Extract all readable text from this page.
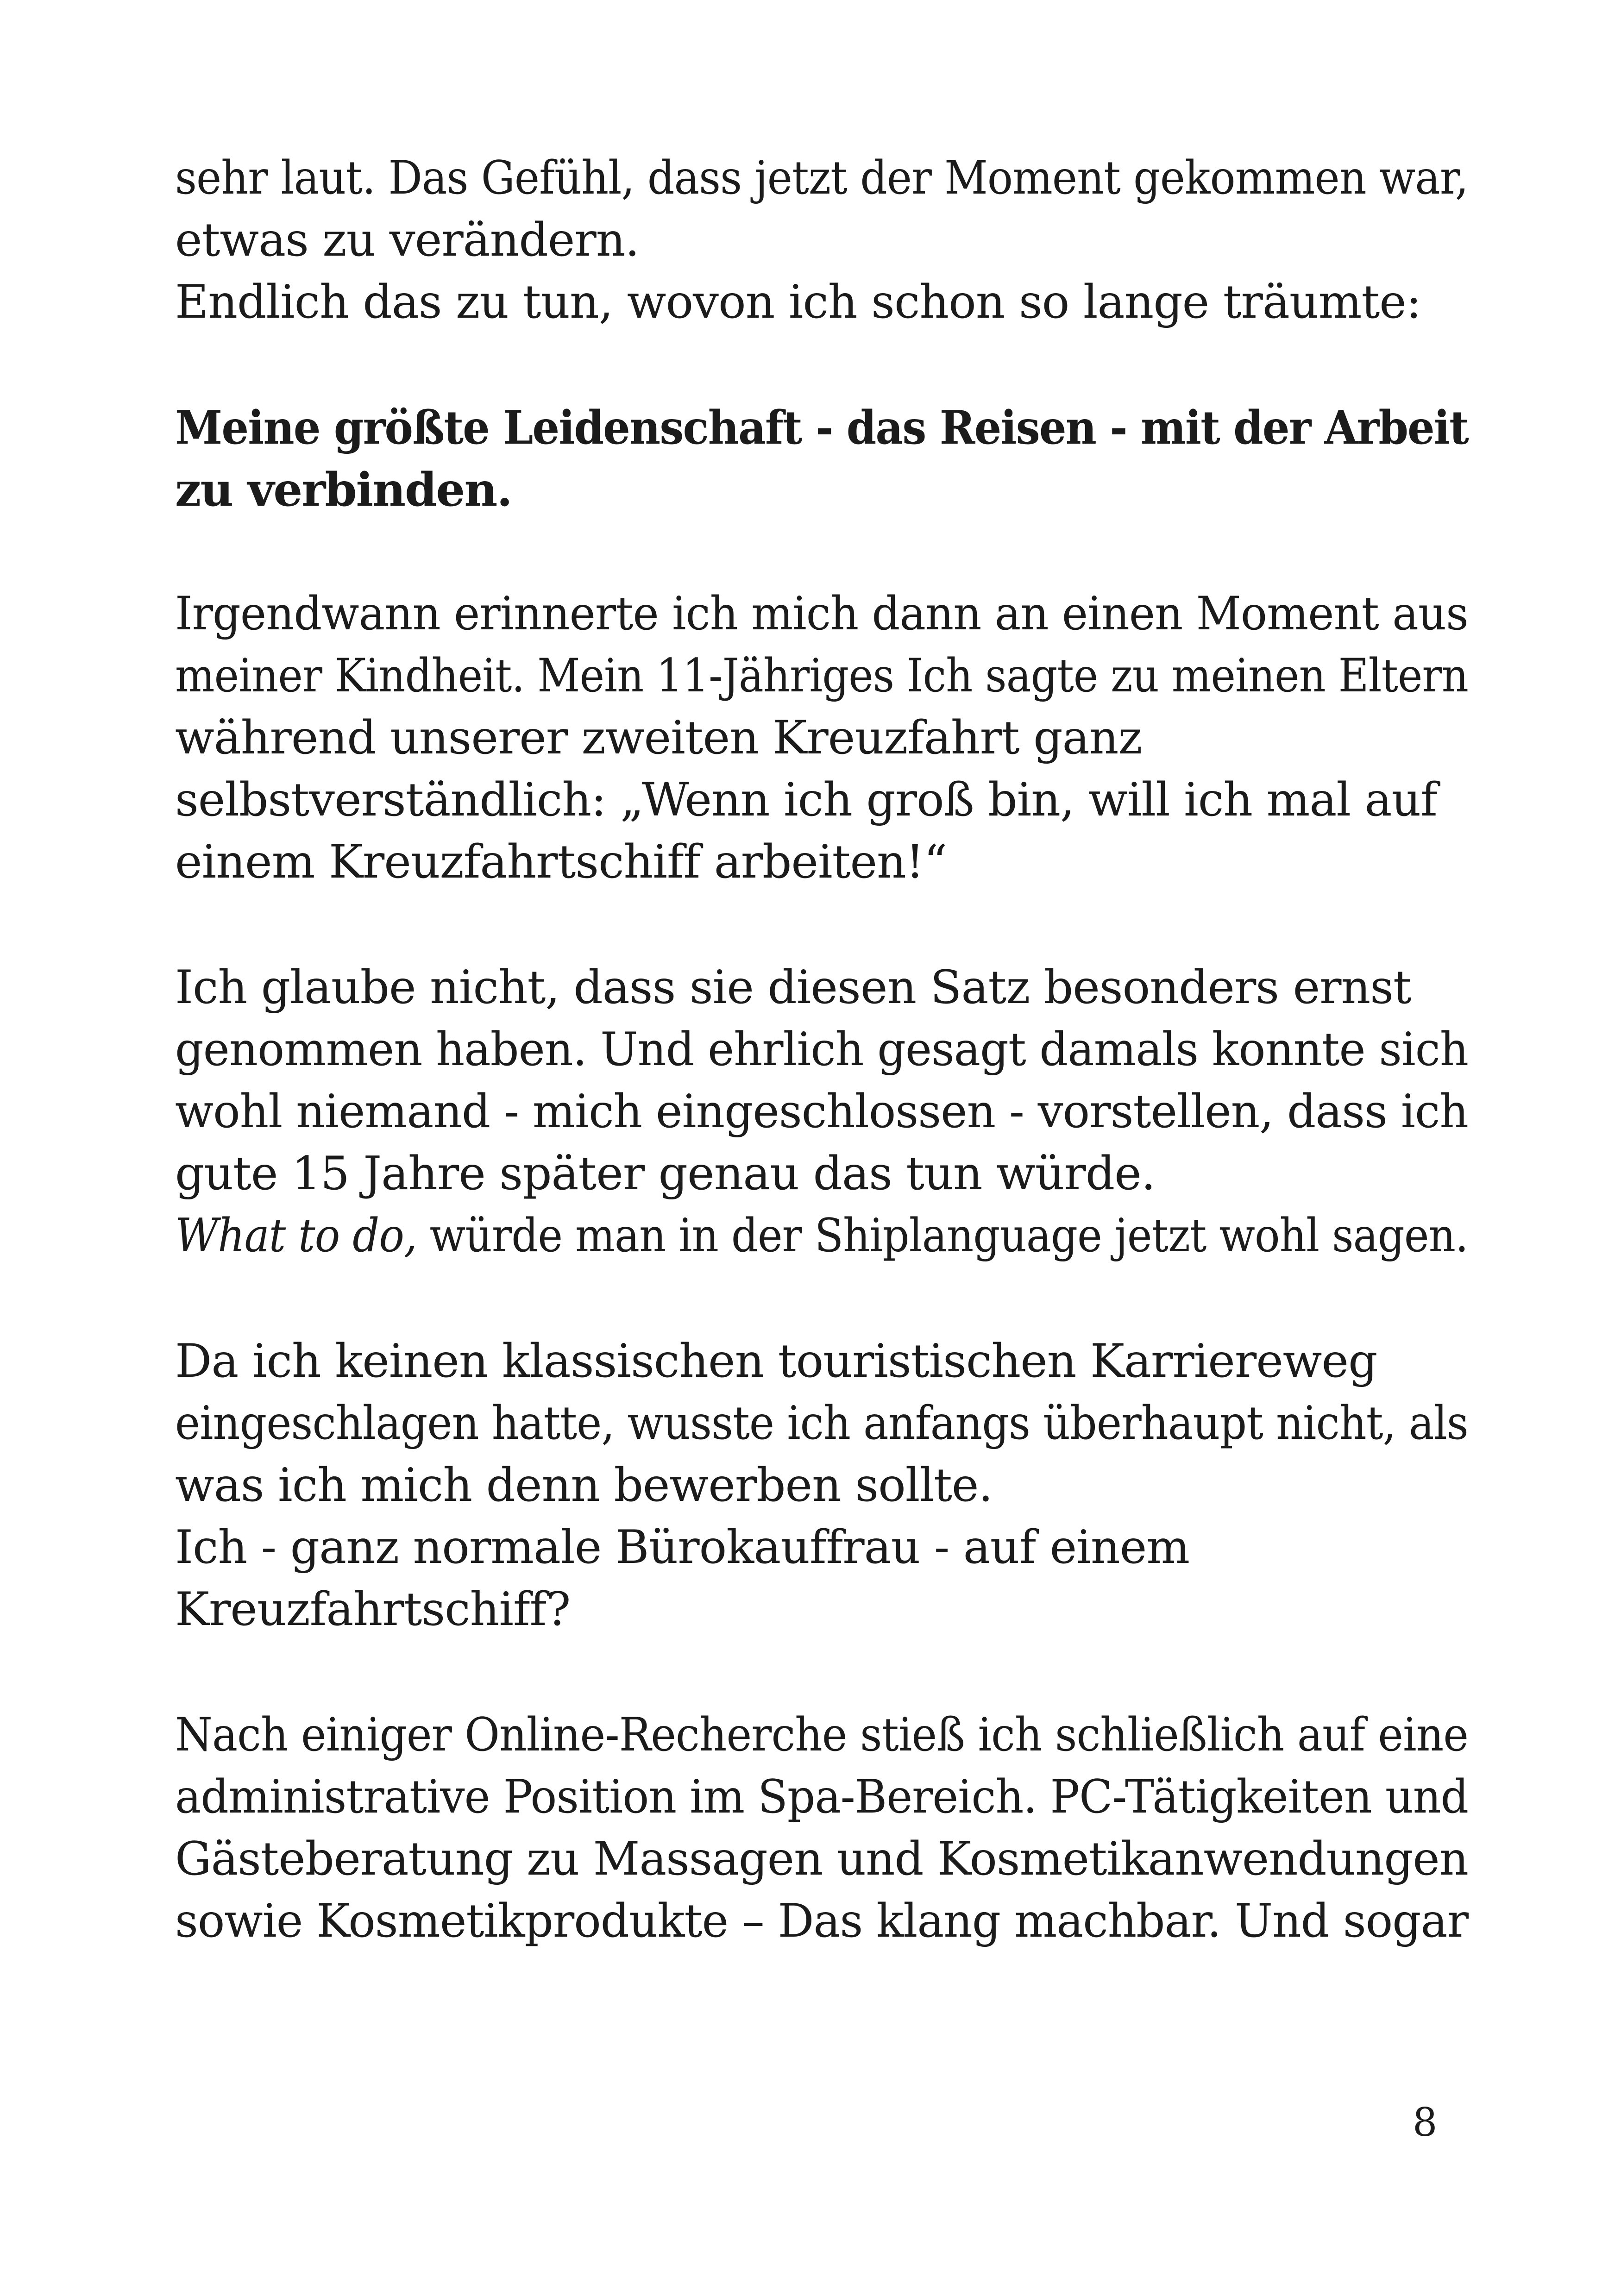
sehr laut. Das Gefühl, dass jetzt der Moment gekommen war,

etwas zu verändern.

Endlich das zu tun, wovon ich schon so lange träumte:

Meine größte Leidenschaft - das Reisen - mit der Arbeit

zu verbinden.

Irgendwann erinnerte ich mich dann an einen Moment aus

meiner Kindheit. Mein 11-Jähriges Ich sagte zu meinen Eltern

während unserer zweiten Kreuzfahrt ganz

selbstverständlich: „Wenn ich groß bin, will ich mal auf

einem Kreuzfahrtschiff arbeiten!“

Ich glaube nicht, dass sie diesen Satz besonders ernst

genommen haben. Und ehrlich gesagt damals konnte sich

wohl niemand - mich eingeschlossen - vorstellen, dass ich

gute 15 Jahre später genau das tun würde.

What to do, würde man in der Shiplanguage jetzt wohl sagen.

Da ich keinen klassischen touristischen Karriereweg

eingeschlagen hatte, wusste ich anfangs überhaupt nicht, als

was ich mich denn bewerben sollte.

Ich - ganz normale Bürokauffrau - auf einem

Kreuzfahrtschiff?

Nach einiger Online-Recherche stieß ich schließlich auf eine

administrative Position im Spa-Bereich. PC-Tätigkeiten und

Gästeberatung zu Massagen und Kosmetikanwendungen

sowie Kosmetikprodukte – Das klang machbar. Und sogar

8
